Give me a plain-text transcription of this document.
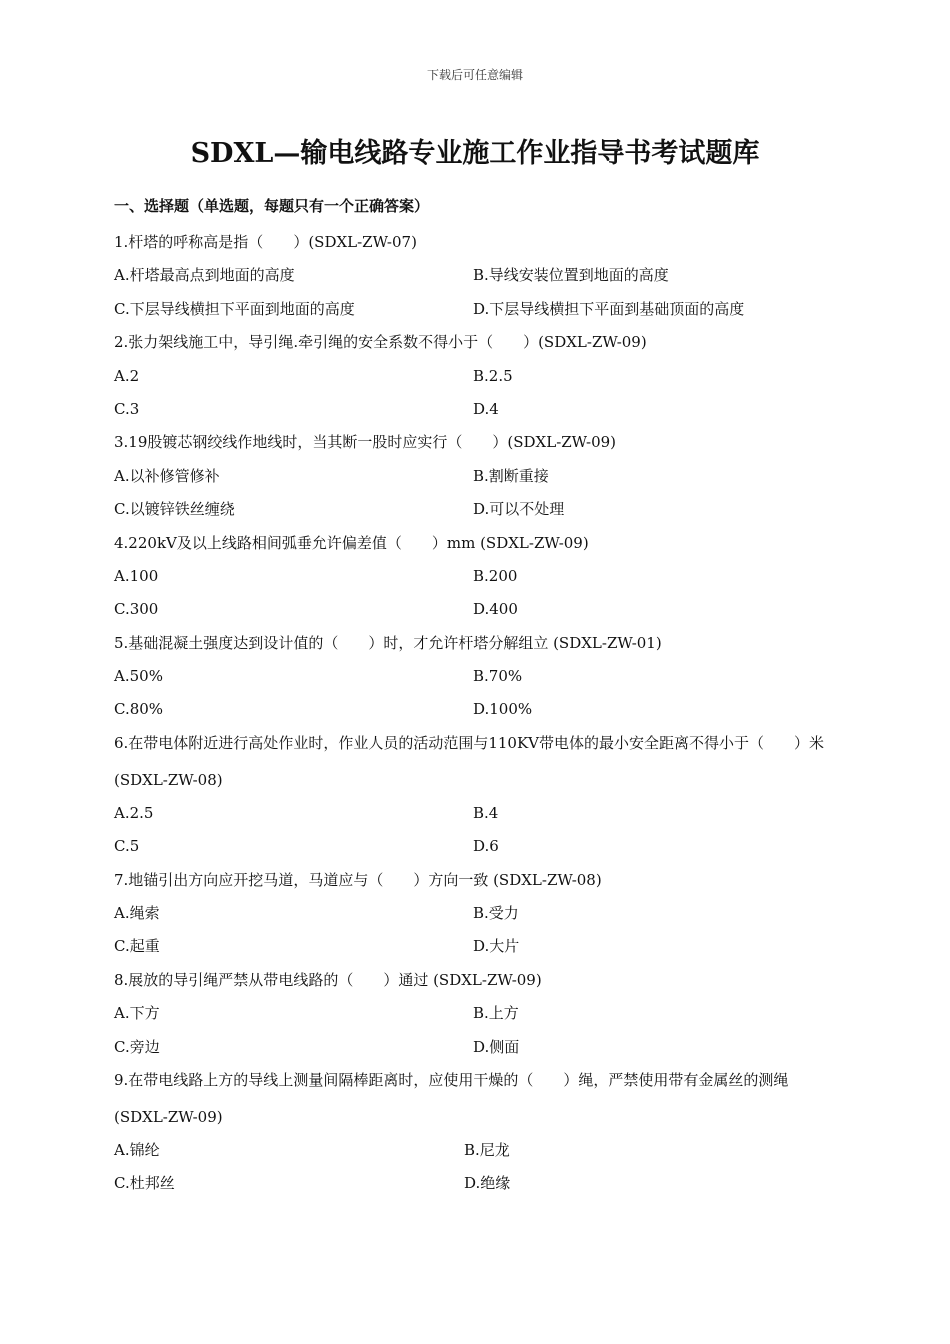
下载后可任意编辑
SDXL—输电线路专业施工作业指导书考试题库
一、选择题（单选题，每题只有一个正确答案）
1.杆塔的呼称高是指（　　）(SDXL-ZW-07)
A.杆塔最高点到地面的高度	B.导线安装位置到地面的高度
C.下层导线横担下平面到地面的高度	D.下层导线横担下平面到基础顶面的高度
2.张力架线施工中，导引绳.牵引绳的安全系数不得小于（　　）(SDXL-ZW-09)
A.2	B.2.5
C.3	D.4
3.19股镀芯钢绞线作地线时，当其断一股时应实行（　　）(SDXL-ZW-09)
A.以补修管修补	B.割断重接
C.以镀锌铁丝缠绕	D.可以不处理
4.220kV及以上线路相间弧垂允许偏差值（　　）mm (SDXL-ZW-09)
A.100	B.200
C.300	D.400
5.基础混凝土强度达到设计值的（　　）时，才允许杆塔分解组立 (SDXL-ZW-01)
A.50%	B.70%
C.80%	D.100%
6.在带电体附近进行高处作业时，作业人员的活动范围与110KV带电体的最小安全距离不得小于（　　）米 (SDXL-ZW-08)
A.2.5	B.4
C.5	D.6
7.地锚引出方向应开挖马道，马道应与（　　）方向一致 (SDXL-ZW-08)
A.绳索	B.受力
C.起重	D.大片
8.展放的导引绳严禁从带电线路的（　　）通过 (SDXL-ZW-09)
A.下方	B.上方
C.旁边	D.侧面
9.在带电线路上方的导线上测量间隔棒距离时，应使用干燥的（　　）绳，严禁使用带有金属丝的测绳(SDXL-ZW-09)
A.锦纶	B.尼龙
C.杜邦丝	D.绝缘
